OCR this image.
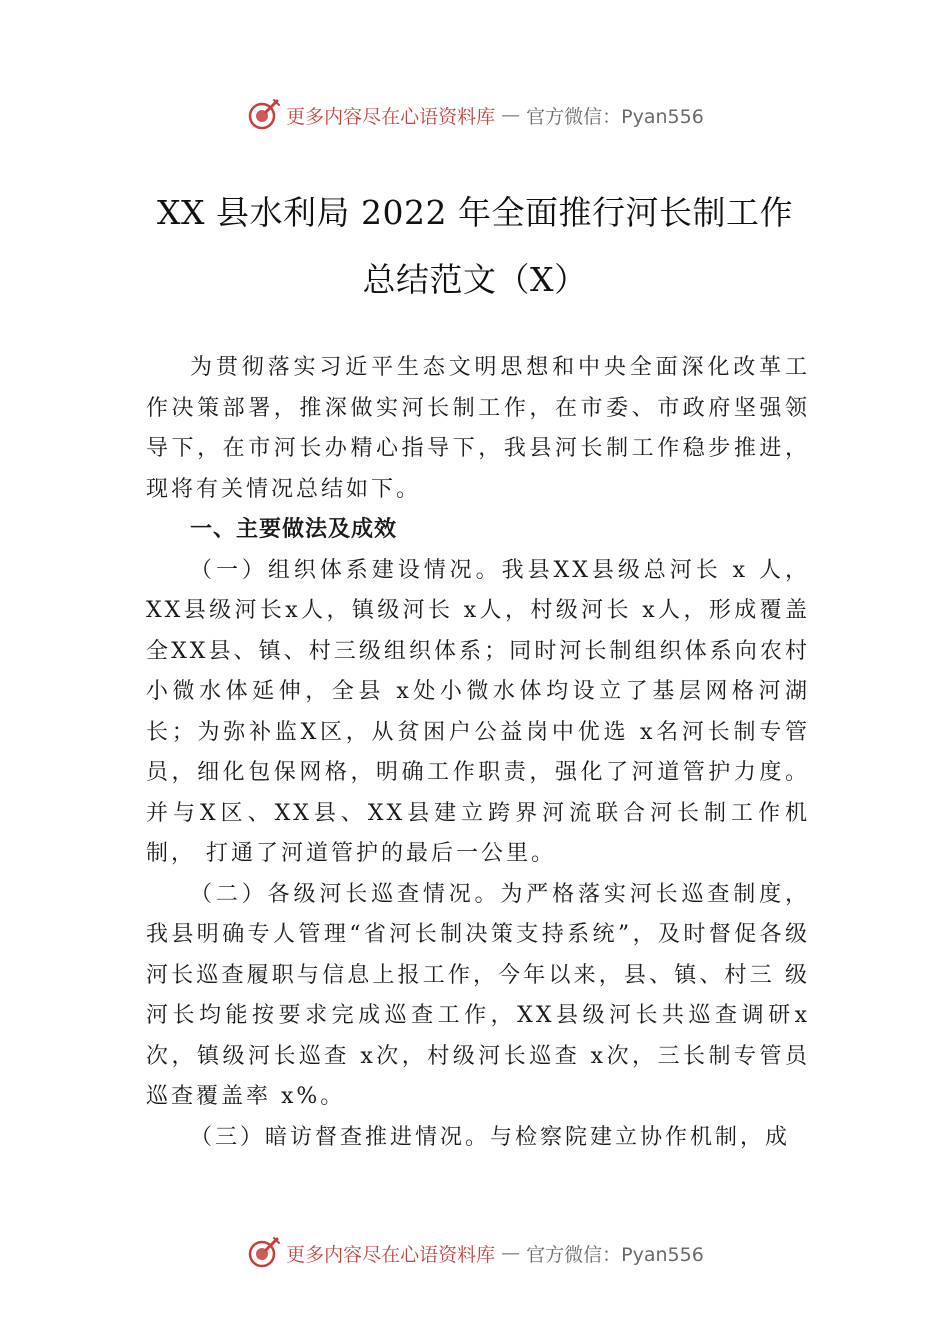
更多内容尽在心语资料库 — 官方微信：Pyan556
XX 县水利局 2022 年全面推行河长制工作
总结范文（X）

为贯彻落实习近平生态文明思想和中央全面深化改革工作决策部署，推深做实河长制工作，在市委、市政府坚强领导下，在市河长办精心指导下，我县河长制工作稳步推进，现将有关情况总结如下。

一、主要做法及成效

（一）组织体系建设情况。我县XX县级总河长 x 人，XX县级河长x人，镇级河长 x人，村级河长 x人，形成覆盖全XX县、镇、村三级组织体系；同时河长制组织体系向农村小微水体延伸，全县 x处小微水体均设立了基层网格河湖长；为弥补监X区，从贫困户公益岗中优选 x名河长制专管员，细化包保网格，明确工作职责，强化了河道管护力度。并与X区、XX县、XX县建立跨界河流联合河长制工作机制， 打通了河道管护的最后一公里。

（二）各级河长巡查情况。为严格落实河长巡查制度，我县明确专人管理“省河长制决策支持系统”，及时督促各级河长巡查履职与信息上报工作，今年以来，县、镇、村三 级河长均能按要求完成巡查工作，XX县级河长共巡查调研x次，镇级河长巡查 x次，村级河长巡查 x次，三长制专管员巡查覆盖率 x%。

（三）暗访督查推进情况。与检察院建立协作机制，成

更多内容尽在心语资料库 — 官方微信：Pyan556
